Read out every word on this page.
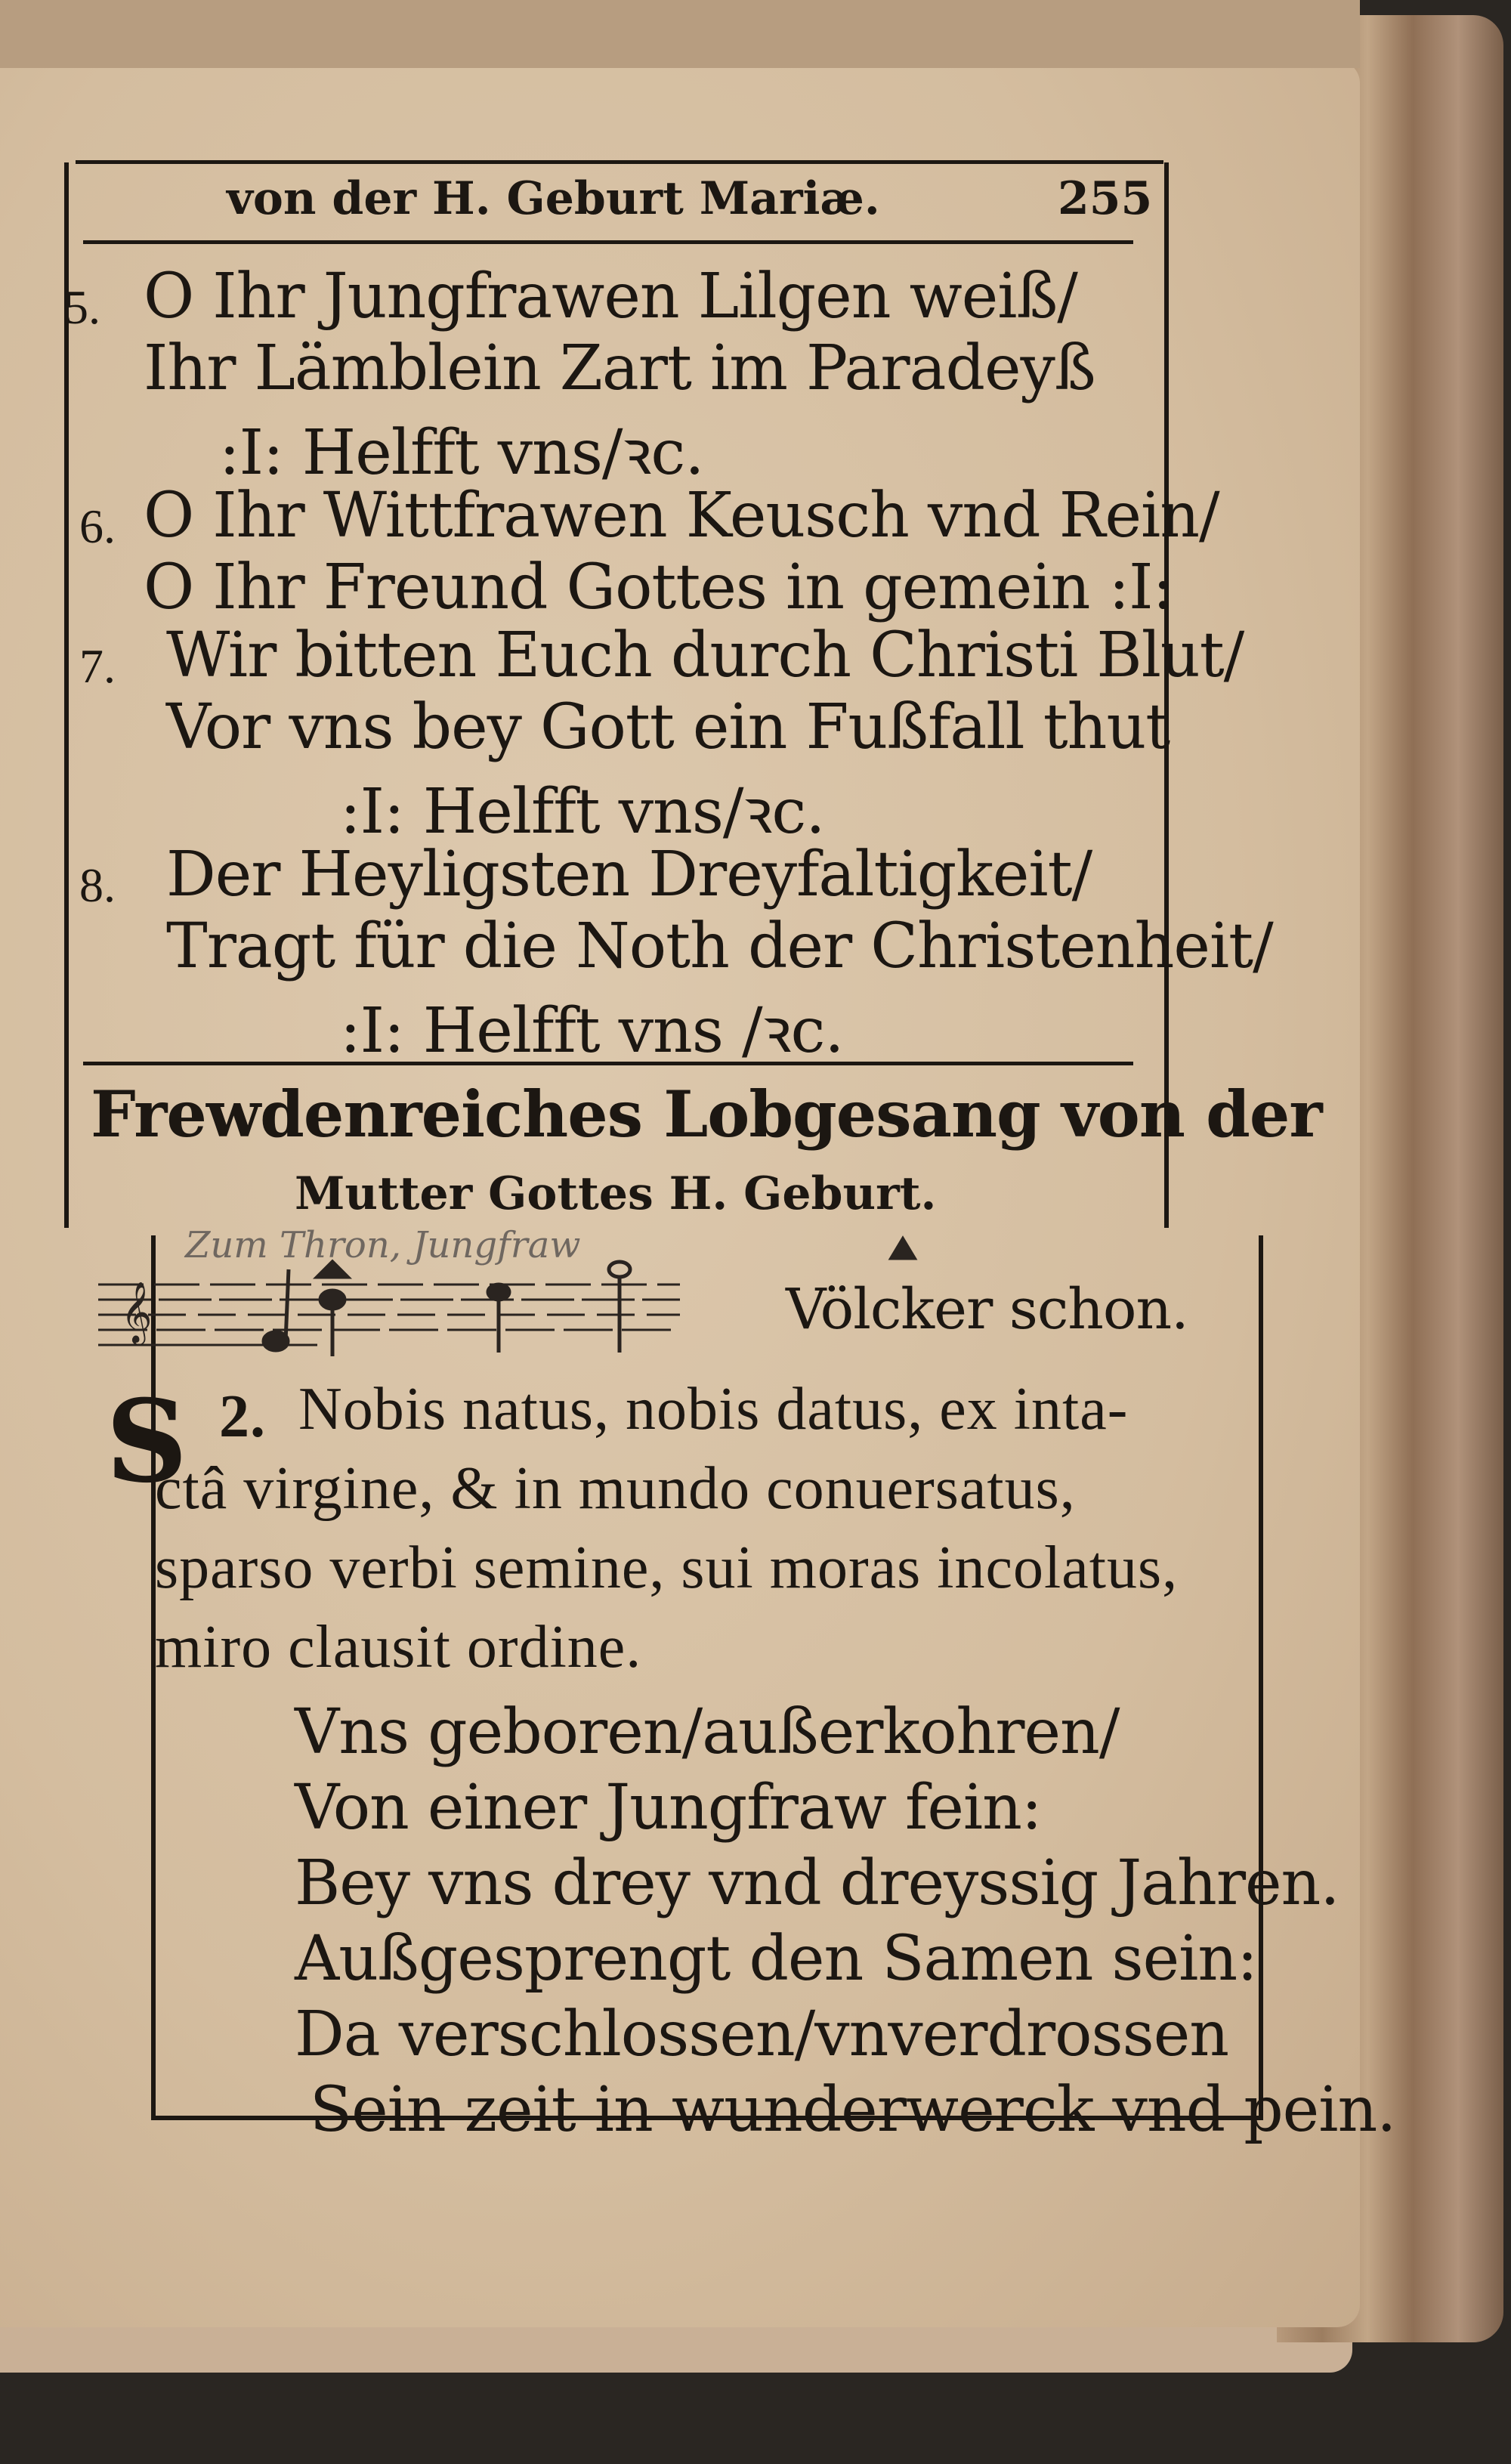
von der H. Geburt Mariæ.	255
5. O Ihr Jungfrawen Lilgen weiß/
Ihr Lämblein Zart im Paradeyß
:I: Helfft vns/ꝛc.
6. O Ihr Wittfrawen Keusch vnd Rein/
O Ihr Freund Gottes in gemein :I:
7. Wir bitten Euch durch Christi Blut/
Vor vns bey Gott ein Fußfall thut
:I: Helfft vns/ꝛc.
8. Der Heyligsten Dreyfaltigkeit/
Tragt für die Noth der Christenheit/
:I: Helfft vns /ꝛc.
Frewdenreiches Lobgesang von der
Mutter Gottes H. Geburt.
𝄞
Zum Thron, Jungfraw
Völcker schon.
S 2. Nobis natus, nobis datus, ex inta-
ctâ virgine, & in mundo conuersatus,
sparso verbi semine, sui moras incolatus,
miro clausit ordine.
Vns geboren/außerkohren/
Von einer Jungfraw fein:
Bey vns drey vnd dreyssig Jahren.
Außgesprengt den Samen sein:
Da verschlossen/vnverdrossen
Sein zeit in wunderwerck vnd pein.
